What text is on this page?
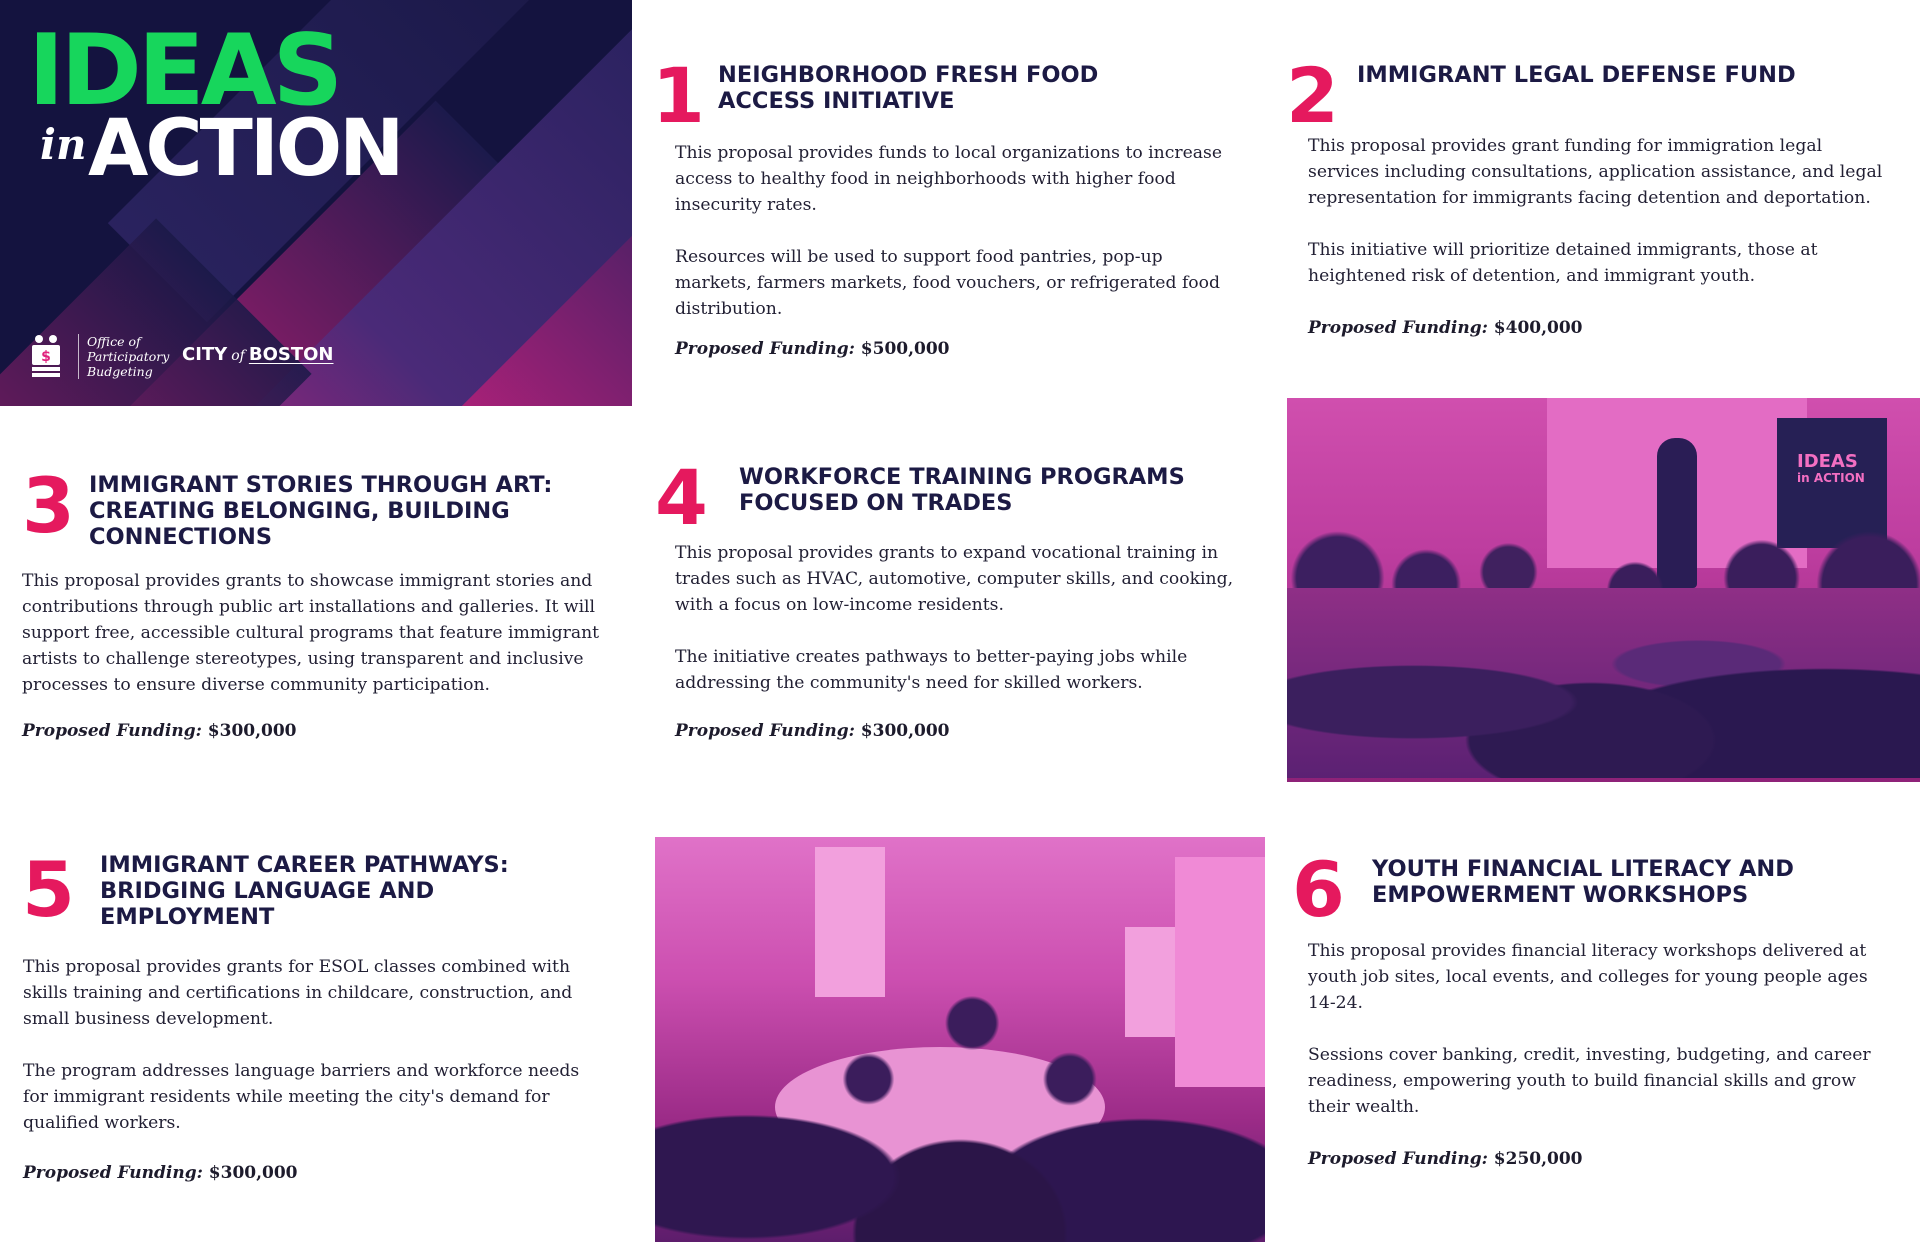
IDEAS
in ACTION
$
Office of
Participatory
Budgeting
CITY of BOSTON
1 NEIGHBORHOOD FRESH FOOD
ACCESS INITIATIVE

This proposal provides funds to local organizations to increase access to healthy food in neighborhoods with higher food insecurity rates.

Resources will be used to support food pantries, pop-up markets, farmers markets, food vouchers, or refrigerated food distribution.

Proposed Funding: $500,000
2 IMMIGRANT LEGAL DEFENSE FUND

This proposal provides grant funding for immigration legal services including consultations, application assistance, and legal representation for immigrants facing detention and deportation.

This initiative will prioritize detained immigrants, those at heightened risk of detention, and immigrant youth.

Proposed Funding: $400,000
IDEAS
in ACTION
3 IMMIGRANT STORIES THROUGH ART:
CREATING BELONGING, BUILDING
CONNECTIONS

This proposal provides grants to showcase immigrant stories and contributions through public art installations and galleries. It will support free, accessible cultural programs that feature immigrant artists to challenge stereotypes, using transparent and inclusive processes to ensure diverse community participation.

Proposed Funding: $300,000
4 WORKFORCE TRAINING PROGRAMS
FOCUSED ON TRADES

This proposal provides grants to expand vocational training in trades such as HVAC, automotive, computer skills, and cooking, with a focus on low-income residents.

The initiative creates pathways to better-paying jobs while addressing the community's need for skilled workers.

Proposed Funding: $300,000
5 IMMIGRANT CAREER PATHWAYS:
BRIDGING LANGUAGE AND
EMPLOYMENT

This proposal provides grants for ESOL classes combined with skills training and certifications in childcare, construction, and small business development.

The program addresses language barriers and workforce needs for immigrant residents while meeting the city's demand for qualified workers.

Proposed Funding: $300,000
6 YOUTH FINANCIAL LITERACY AND
EMPOWERMENT WORKSHOPS

This proposal provides financial literacy workshops delivered at youth job sites, local events, and colleges for young people ages 14-24.

Sessions cover banking, credit, investing, budgeting, and career readiness, empowering youth to build financial skills and grow their wealth.

Proposed Funding: $250,000
